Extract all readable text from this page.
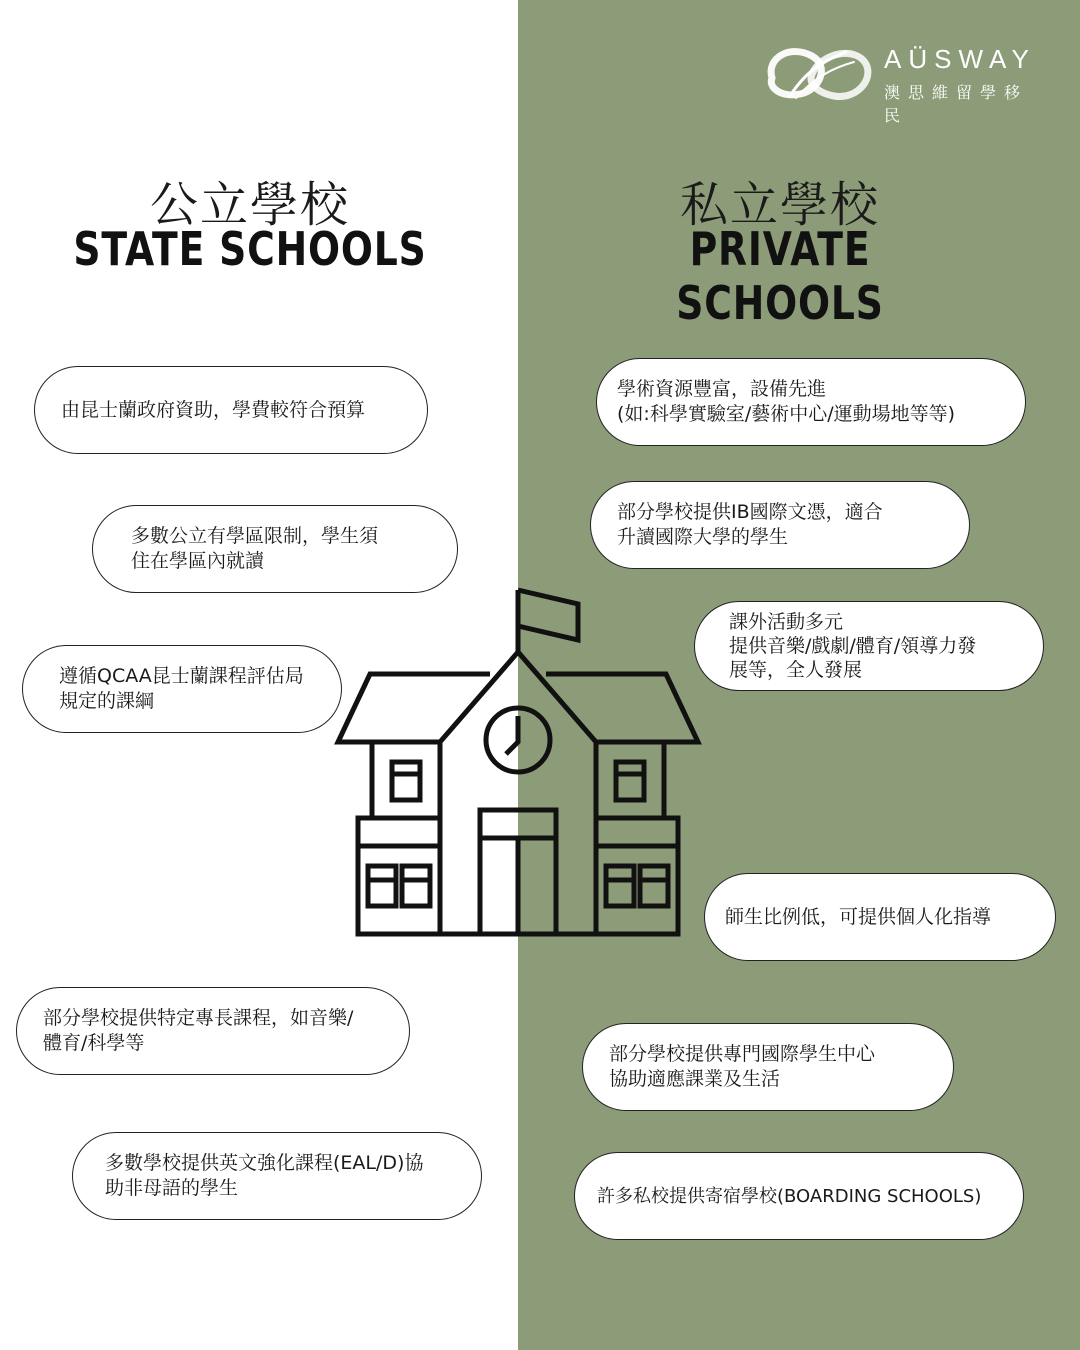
AÜSWAY
澳思維留學移民
公立學校
STATE SCHOOLS
私立學校
PRIVATE SCHOOLS
由昆士蘭政府資助，學費較符合預算
多數公立有學區限制，學生須
住在學區內就讀
遵循QCAA昆士蘭課程評估局
規定的課綱
部分學校提供特定專長課程，如音樂/
體育/科學等
多數學校提供英文強化課程(EAL/D)協
助非母語的學生
學術資源豐富，設備先進
(如:科學實驗室/藝術中心/運動場地等等)
部分學校提供IB國際文憑，適合
升讀國際大學的學生
課外活動多元
提供音樂/戲劇/體育/領導力發
展等，全人發展
師生比例低，可提供個人化指導
部分學校提供專門國際學生中心
協助適應課業及生活
許多私校提供寄宿學校(BOARDING SCHOOLS)
